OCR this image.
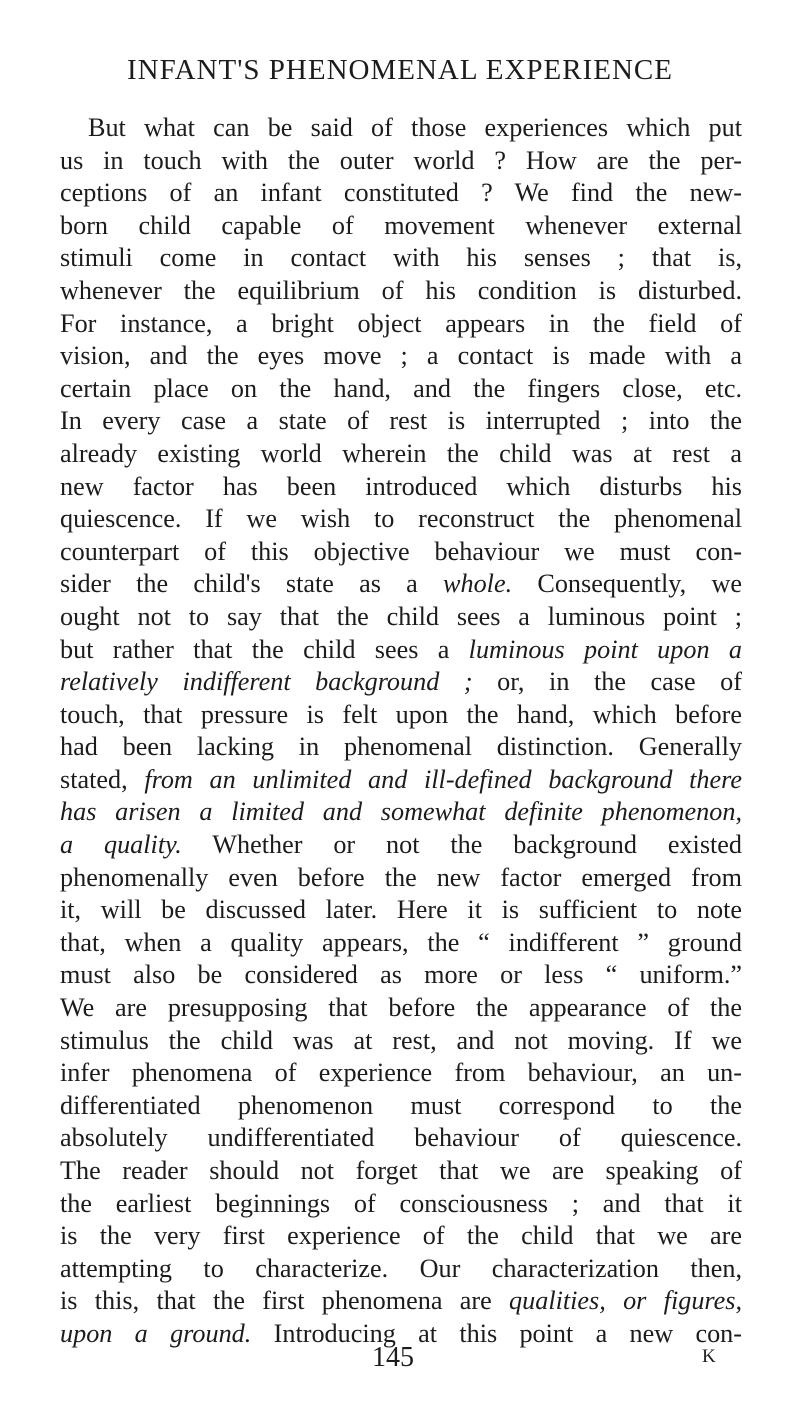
INFANT'S PHENOMENAL EXPERIENCE
But what can be said of those experiences which put
us in touch with the outer world ? How are the per-
ceptions of an infant constituted ? We find the new-
born child capable of movement whenever external
stimuli come in contact with his senses ; that is,
whenever the equilibrium of his condition is disturbed.
For instance, a bright object appears in the field of
vision, and the eyes move ; a contact is made with a
certain place on the hand, and the fingers close, etc.
In every case a state of rest is interrupted ; into the
already existing world wherein the child was at rest a
new factor has been introduced which disturbs his
quiescence. If we wish to reconstruct the phenomenal
counterpart of this objective behaviour we must con-
sider the child's state as a whole. Consequently, we
ought not to say that the child sees a luminous point ;
but rather that the child sees a luminous point upon a
relatively indifferent background ; or, in the case of
touch, that pressure is felt upon the hand, which before
had been lacking in phenomenal distinction. Generally
stated, from an unlimited and ill-defined background there
has arisen a limited and somewhat definite phenomenon,
a quality. Whether or not the background existed
phenomenally even before the new factor emerged from
it, will be discussed later. Here it is sufficient to note
that, when a quality appears, the “ indifferent ” ground
must also be considered as more or less “ uniform.”
We are presupposing that before the appearance of the
stimulus the child was at rest, and not moving. If we
infer phenomena of experience from behaviour, an un-
differentiated phenomenon must correspond to the
absolutely undifferentiated behaviour of quiescence.
The reader should not forget that we are speaking of
the earliest beginnings of consciousness ; and that it
is the very first experience of the child that we are
attempting to characterize. Our characterization then,
is this, that the first phenomena are qualities, or figures,
upon a ground. Introducing at this point a new con-
145	K
